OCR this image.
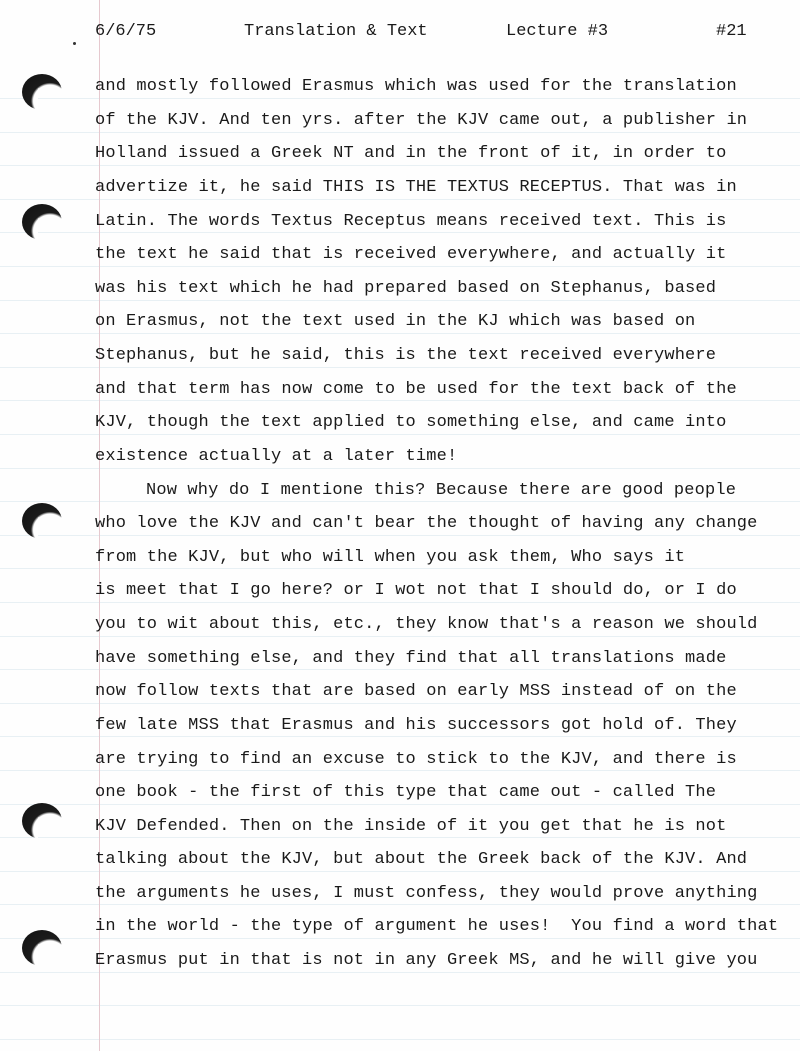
6/6/75	Translation & Text	Lecture #3	#21
and mostly followed Erasmus which was used for the translation
of the KJV. And ten yrs. after the KJV came out, a publisher in
Holland issued a Greek NT and in the front of it, in order to
advertize it, he said THIS IS THE TEXTUS RECEPTUS. That was in
Latin. The words Textus Receptus means received text. This is
the text he said that is received everywhere, and actually it
was his text which he had prepared based on Stephanus, based
on Erasmus, not the text used in the KJ which was based on
Stephanus, but he said, this is the text received everywhere
and that term has now come to be used for the text back of the
KJV, though the text applied to something else, and came into
existence actually at a later time!
Now why do I mentione this? Because there are good people
who love the KJV and can't bear the thought of having any change
from the KJV, but who will when you ask them, Who says it
is meet that I go here? or I wot not that I should do, or I do
you to wit about this, etc., they know that's a reason we should
have something else, and they find that all translations made
now follow texts that are based on early MSS instead of on the
few late MSS that Erasmus and his successors got hold of. They
are trying to find an excuse to stick to the KJV, and there is
one book - the first of this type that came out - called The
KJV Defended. Then on the inside of it you get that he is not
talking about the KJV, but about the Greek back of the KJV. And
the arguments he uses, I must confess, they would prove anything
in the world - the type of argument he uses!  You find a word that
Erasmus put in that is not in any Greek MS, and he will give you
